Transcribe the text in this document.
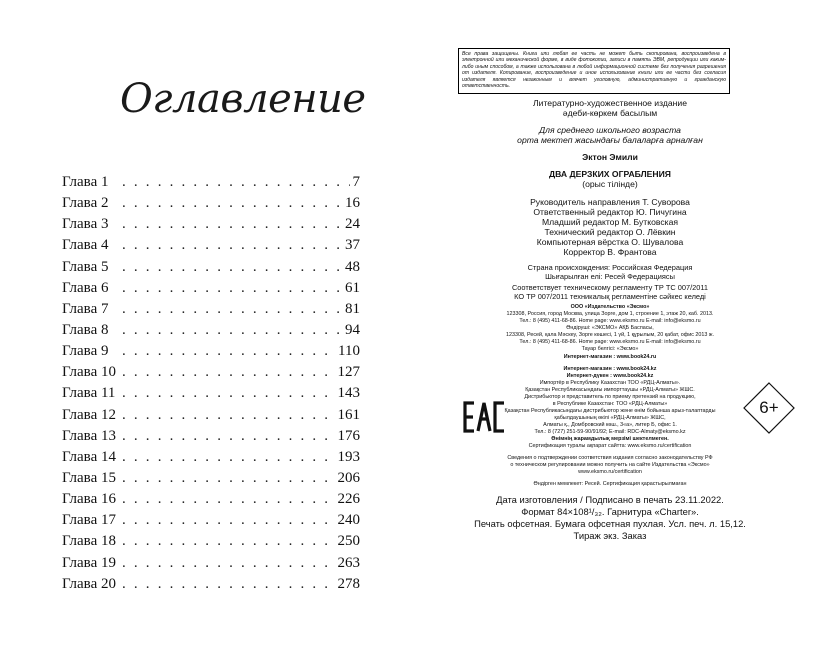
Оглавление
Глава 1 . . .	7
Глава 2 . . .	16
Глава 3 . . .	24
Глава 4 . . .	37
Глава 5 . . .	48
Глава 6 . . .	61
Глава 7 . . .	81
Глава 8 . . .	94
Глава 9 . . .	110
Глава 10 . . .	127
Глава 11 . . .	143
Глава 12 . . .	161
Глава 13 . . .	176
Глава 14 . . .	193
Глава 15 . . .	206
Глава 16 . . .	226
Глава 17 . . .	240
Глава 18 . . .	250
Глава 19 . . .	263
Глава 20 . . .	278
Все права защищены. Книга или любая ее часть не может быть скопирована, воспроизведена в электронной или механической форме, в виде фотокопии, записи в память ЭВМ, репродукции или каким-либо иным способом, а также использована в любой информационной системе без получения разрешения от издателя. Копирование, воспроизведение и иное использование книги или ее части без согласия издателя является незаконным и влечет уголовную, административную и гражданскую ответственность.
Литературно-художественное издание
әдеби-көркем басылым
Для среднего школьного возраста
орта мектеп жасындағы балаларға арналған
Эктон Эмили
ДВА ДЕРЗКИХ ОГРАБЛЕНИЯ
(орыс тілінде)
Руководитель направления Т. Суворова
Ответственный редактор Ю. Пичугина
Младший редактор М. Бутковская
Технический редактор О. Лёвкин
Компьютерная вёрстка О. Шувалова
Корректор В. Франтова
Страна происхождения: Российская Федерация
Шығарылған елі: Ресей Федерациясы
Соответствует техническому регламенту ТР ТС 007/2011
КО ТР 007/2011 техникалық регламентіне сәйкес келеді
ООО «Издательство «Эксмо»
123308, Россия, город Москва, улица Зорге, дом 1, строение 1, этаж 20, каб. 2013.
Тел.: 8 (495) 411-68-86. Home page: www.eksmo.ru E-mail: info@eksmo.ru
Өндіруші: «ЭКСМО» АҚБ Баспасы,
123308, Ресей, қала Мәскеу, Зорге көшесі, 1 үй, 1 құрылым, 20 қабат, офис 2013 ж.
Тел.: 8 (495) 411-68-86. Home page: www.eksmo.ru E-mail: info@eksmo.ru
Тауар белгісі: «Эксмо»
Интернет-магазин : www.book24.ru
Интернет-магазин : www.book24.kz
Интернет-дүкен : www.book24.kz
Импортёр в Республику Казахстан ТОО «РДЦ-Алматы».
Қазақстан Республикасындағы импорттаушы «РДЦ-Алматы» ЖШС.
Дистрибьютор и представитель по приему претензий на продукцию,
в Республике Казахстан: ТОО «РДЦ-Алматы»
Қазақстан Республикасындағы дистрибьютор және өнім бойынша арыз-талаптарды
қабылдаушының өкілі «РДЦ-Алматы» ЖШС,
Алматы қ., Домбровский көш., 3«а», литер Б, офис 1.
Тел.: 8 (727) 251-59-90/91/92; E-mail: RDC-Almaty@eksmo.kz
Өнімнің жарамдылық мерзімі шектелмеген.
Сертификация туралы ақпарат сайтта: www.eksmo.ru/certification
Сведения о подтверждении соответствия издания согласно законодательству РФ
о техническом регулировании можно получить на сайте Издательства «Эксмо»
www.eksmo.ru/certification
Өндірген мемлекет: Ресей. Сертификация қарастырылмаған
Дата изготовления / Подписано в печать 23.11.2022.
Формат 84×108¹/₃₂. Гарнитура «Charter».
Печать офсетная. Бумага офсетная пухлая. Усл. печ. л. 15,12.
Тираж экз. Заказ
6+
